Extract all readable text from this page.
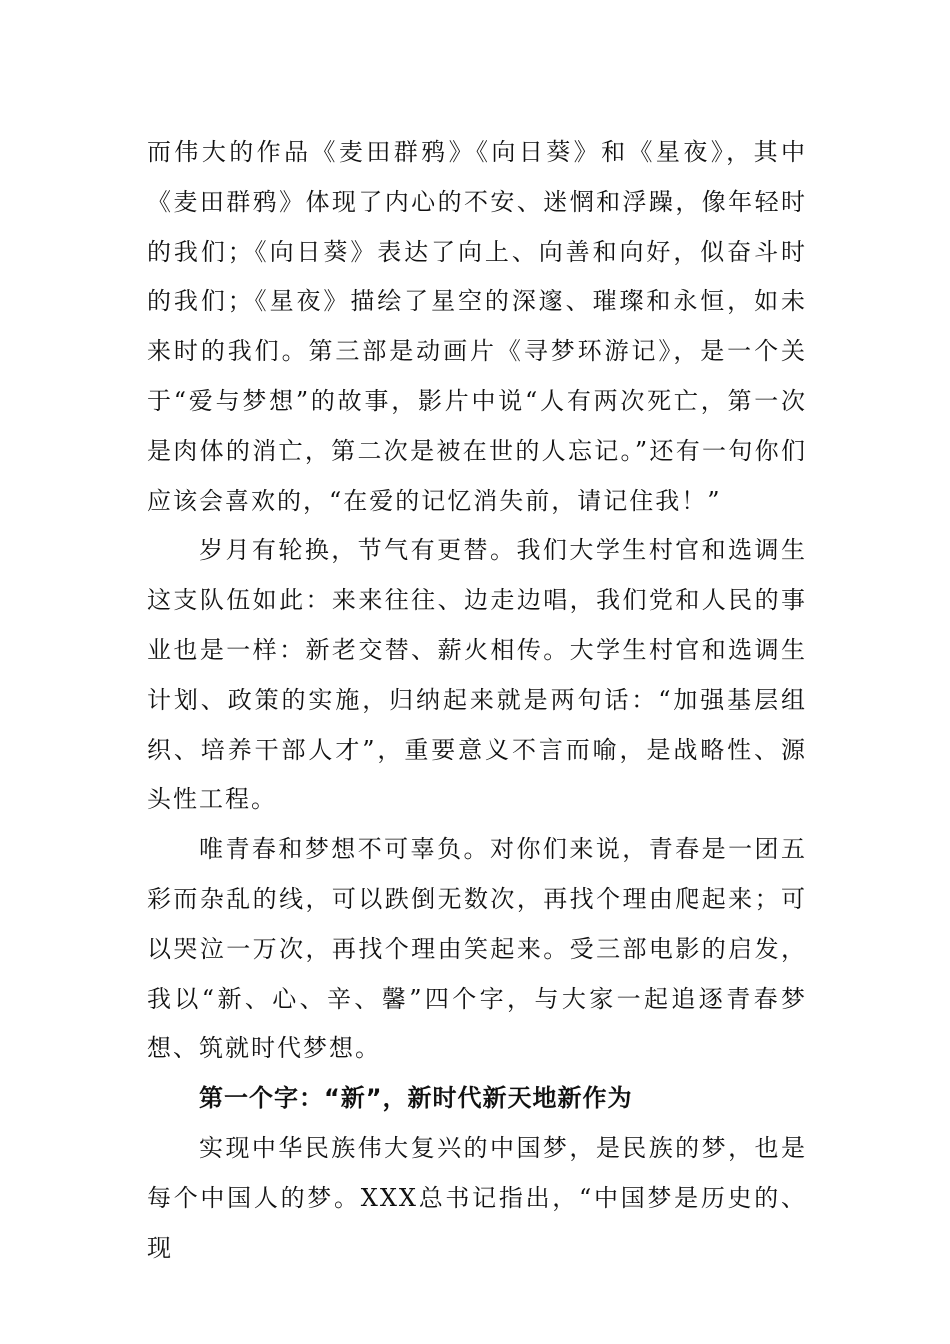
而伟大的作品《麦田群鸦》《向日葵》和《星夜》，其中《麦田群鸦》体现了内心的不安、迷惘和浮躁，像年轻时的我们；《向日葵》表达了向上、向善和向好，似奋斗时的我们；《星夜》描绘了星空的深邃、璀璨和永恒，如未来时的我们。第三部是动画片《寻梦环游记》，是一个关于“爱与梦想”的故事，影片中说“人有两次死亡，第一次是肉体的消亡，第二次是被在世的人忘记。”还有一句你们应该会喜欢的，“在爱的记忆消失前，请记住我！”

岁月有轮换，节气有更替。我们大学生村官和选调生这支队伍如此：来来往往、边走边唱，我们党和人民的事业也是一样：新老交替、薪火相传。大学生村官和选调生计划、政策的实施，归纳起来就是两句话：“加强基层组织、培养干部人才”，重要意义不言而喻，是战略性、源头性工程。

唯青春和梦想不可辜负。对你们来说，青春是一团五彩而杂乱的线，可以跌倒无数次，再找个理由爬起来；可以哭泣一万次，再找个理由笑起来。受三部电影的启发，我以“新、心、辛、馨”四个字，与大家一起追逐青春梦想、筑就时代梦想。

第一个字：“新”，新时代新天地新作为

实现中华民族伟大复兴的中国梦，是民族的梦，也是每个中国人的梦。XXX总书记指出，“中国梦是历史的、现
